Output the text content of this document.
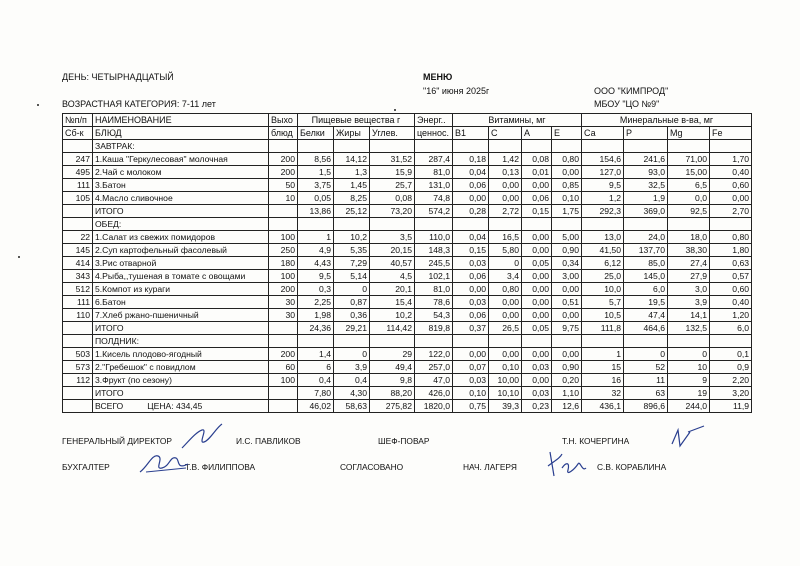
ДЕНЬ: ЧЕТЫРНАДЦАТЫЙ	МЕНЮ
"16" июня 2025г	ООО "КИМПРОД"
МБОУ "ЦО №9"
ВОЗРАСТНАЯ КАТЕГОРИЯ: 7-11 лет
№п/п	НАИМЕНОВАНИЕ	Выхо	Пищевые вещества г			Энерг..	Витамины, мг				Минеральные в-ва, мг			
Сб-к	БЛЮД	блюд	Белки	Жиры	Углев.	ценнос.	В1	С	А	Е	Са	Р	Mg	Fe
	ЗАВТРАК:													
247	1.Каша "Геркулесовая" молочная	200	8,56	14,12	31,52	287,4	0,18	1,42	0,08	0,80	154,6	241,6	71,00	1,70
495	2.Чай с молоком	200	1,5	1,3	15,9	81,0	0,04	0,13	0,01	0,00	127,0	93,0	15,00	0,40
111	3.Батон	50	3,75	1,45	25,7	131,0	0,06	0,00	0,00	0,85	9,5	32,5	6,5	0,60
105	4.Масло сливочное	10	0,05	8,25	0,08	74,8	0,00	0,00	0,06	0,10	1,2	1,9	0,0	0,00
	ИТОГО		13,86	25,12	73,20	574,2	0,28	2,72	0,15	1,75	292,3	369,0	92,5	2,70
	ОБЕД:													
22	1.Салат из свежих помидоров	100	1	10,2	3,5	110,0	0,04	16,5	0,00	5,00	13,0	24,0	18,0	0,80
145	2.Суп картофельный фасолевый	250	4,9	5,35	20,15	148,3	0,15	5,80	0,00	0,90	41,50	137,70	38,30	1,80
414	3.Рис отварной	180	4,43	7,29	40,57	245,5	0,03	0	0,05	0,34	6,12	85,0	27,4	0,63
343	4.Рыба,,тушеная в томате с овощами	100	9,5	5,14	4,5	102,1	0,06	3,4	0,00	3,00	25,0	145,0	27,9	0,57
512	5.Компот из кураги	200	0,3	0	20,1	81,0	0,00	0,80	0,00	0,00	10,0	6,0	3,0	0,60
111	6.Батон	30	2,25	0,87	15,4	78,6	0,03	0,00	0,00	0,51	5,7	19,5	3,9	0,40
110	7.Хлеб ржано-пшеничный	30	1,98	0,36	10,2	54,3	0,06	0,00	0,00	0,00	10,5	47,4	14,1	1,20
	ИТОГО		24,36	29,21	114,42	819,8	0,37	26,5	0,05	9,75	111,8	464,6	132,5	6,0
	ПОЛДНИК:													
503	1.Кисель плодово-ягодный	200	1,4	0	29	122,0	0,00	0,00	0,00	0,00	1	0	0	0,1
573	2."Гребешок" с повидлом	60	6	3,9	49,4	257,0	0,07	0,10	0,03	0,90	15	52	10	0,9
112	3.Фрукт (по сезону)	100	0,4	0,4	9,8	47,0	0,03	10,00	0,00	0,20	16	11	9	2,20
	ИТОГО		7,80	4,30	88,20	426,0	0,10	10,10	0,03	1,10	32	63	19	3,20
	ВСЕГО ЦЕНА: 434,45		46,02	58,63	275,82	1820,0	0,75	39,3	0,23	12,6	436,1	896,6	244,0	11,9
ГЕНЕРАЛЬНЫЙ ДИРЕКТОР	И.С. ПАВЛИКОВ	ШЕФ-ПОВАР	Т.Н. КОЧЕРГИНА
БУХГАЛТЕР	Т.В. ФИЛИППОВА	СОГЛАСОВАНО	НАЧ. ЛАГЕРЯ	С.В. КОРАБЛИНА
